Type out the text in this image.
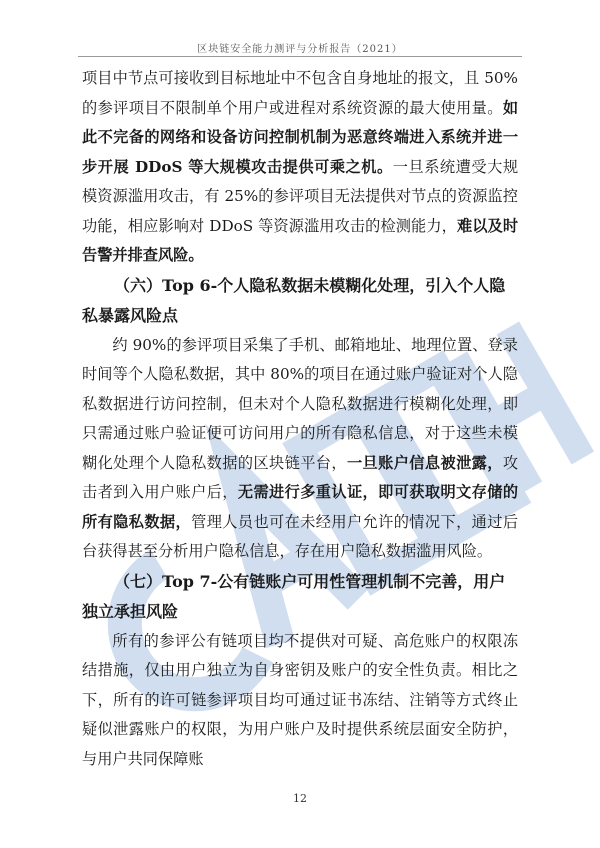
区块链安全能力测评与分析报告（2021）

项目中节点可接收到目标地址中不包含自身地址的报文，且 50%的参评项目不限制单个用户或进程对系统资源的最大使用量。如此不完备的网络和设备访问控制机制为恶意终端进入系统并进一步开展 DDoS 等大规模攻击提供可乘之机。一旦系统遭受大规模资源滥用攻击，有 25%的参评项目无法提供对节点的资源监控功能，相应影响对 DDoS 等资源滥用攻击的检测能力，难以及时告警并排查风险。

（六）Top 6-个人隐私数据未模糊化处理，引入个人隐私暴露风险点

约 90%的参评项目采集了手机、邮箱地址、地理位置、登录时间等个人隐私数据，其中 80%的项目在通过账户验证对个人隐私数据进行访问控制，但未对个人隐私数据进行模糊化处理，即只需通过账户验证便可访问用户的所有隐私信息，对于这些未模糊化处理个人隐私数据的区块链平台，一旦账户信息被泄露，攻击者到入用户账户后，无需进行多重认证，即可获取明文存储的所有隐私数据，管理人员也可在未经用户允许的情况下，通过后台获得甚至分析用户隐私信息，存在用户隐私数据滥用风险。

（七）Top 7-公有链账户可用性管理机制不完善，用户独立承担风险

所有的参评公有链项目均不提供对可疑、高危账户的权限冻结措施，仅由用户独立为自身密钥及账户的安全性负责。相比之下，所有的许可链参评项目均可通过证书冻结、注销等方式终止疑似泄露账户的权限，为用户账户及时提供系统层面安全防护，与用户共同保障账

12
